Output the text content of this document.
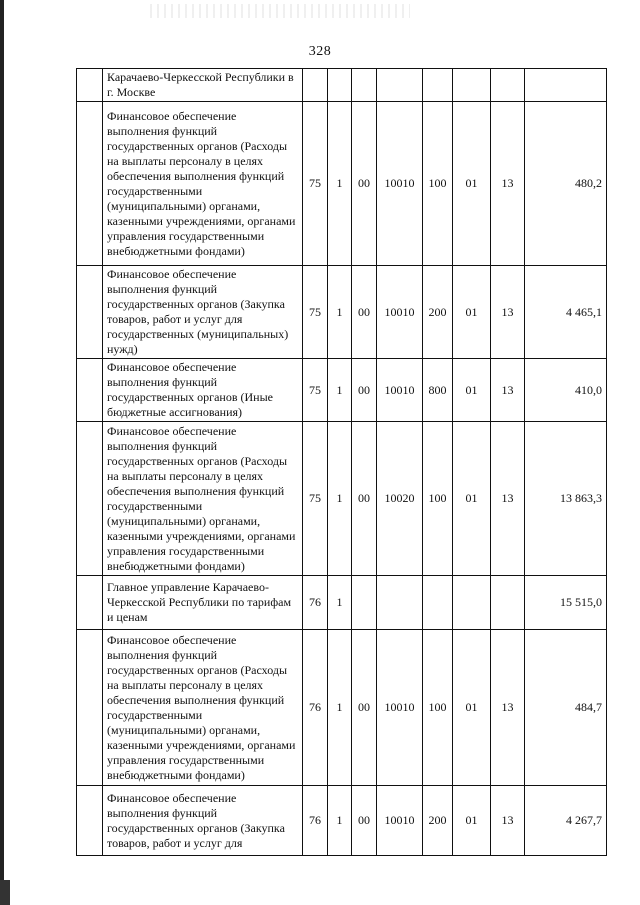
328
	Карачаево-Черкесской Республики в г. Москве								
	Финансовое обеспечение выполнения функций государственных органов (Расходы на выплаты персоналу в целях обеспечения выполнения функций государственными (муниципальными) органами, казенными учреждениями, органами управления государственными внебюджетными фондами)	75	1	00	10010	100	01	13	480,2
	Финансовое обеспечение выполнения функций государственных органов (Закупка товаров, работ и услуг для государственных (муниципальных) нужд)	75	1	00	10010	200	01	13	4 465,1
	Финансовое обеспечение выполнения функций государственных органов (Иные бюджетные ассигнования)	75	1	00	10010	800	01	13	410,0
	Финансовое обеспечение выполнения функций государственных органов (Расходы на выплаты персоналу в целях обеспечения выполнения функций государственными (муниципальными) органами, казенными учреждениями, органами управления государственными внебюджетными фондами)	75	1	00	10020	100	01	13	13 863,3
	Главное управление Карачаево-Черкесской Республики по тарифам и ценам	76	1						15 515,0
	Финансовое обеспечение выполнения функций государственных органов (Расходы на выплаты персоналу в целях обеспечения выполнения функций государственными (муниципальными) органами, казенными учреждениями, органами управления государственными внебюджетными фондами)	76	1	00	10010	100	01	13	484,7
	Финансовое обеспечение выполнения функций государственных органов (Закупка товаров, работ и услуг для	76	1	00	10010	200	01	13	4 267,7
